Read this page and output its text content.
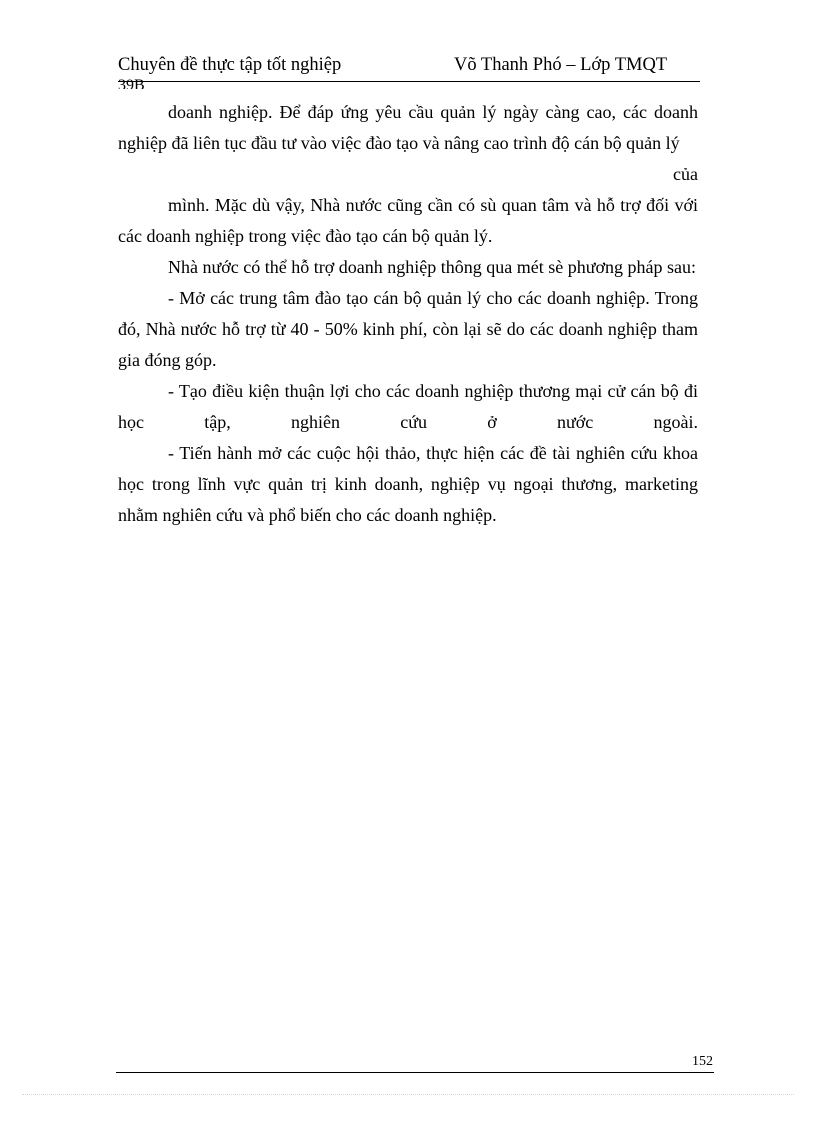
Chuyên đề thực tập tốt nghiệp	Võ Thanh Phó – Lớp TMQT
39B

doanh nghiệp. Để đáp ứng yêu cầu quản lý ngày càng cao, các doanh nghiệp đã liên tục đầu tư vào việc đào tạo và nâng cao trình độ cán bộ quản lý

của

mình. Mặc dù vậy, Nhà nước cũng cần có sù quan tâm và hỗ trợ đối với các doanh nghiệp trong việc đào tạo cán bộ quản lý.

Nhà nước có thể hỗ trợ doanh nghiệp thông qua mét sè phương pháp sau:

- Mở các trung tâm đào tạo cán bộ quản lý cho các doanh nghiệp. Trong đó, Nhà nước hỗ trợ từ 40 - 50% kinh phí, còn lại sẽ do các doanh nghiệp tham gia đóng góp.

- Tạo điều kiện thuận lợi cho các doanh nghiệp thương mại cử cán bộ đi học tập, nghiên cứu ở nước ngoài.

- Tiến hành mở các cuộc hội thảo, thực hiện các đề tài nghiên cứu khoa học trong lĩnh vực quản trị kinh doanh, nghiệp vụ ngoại thương, marketing nhằm nghiên cứu và phổ biến cho các doanh nghiệp.

152
